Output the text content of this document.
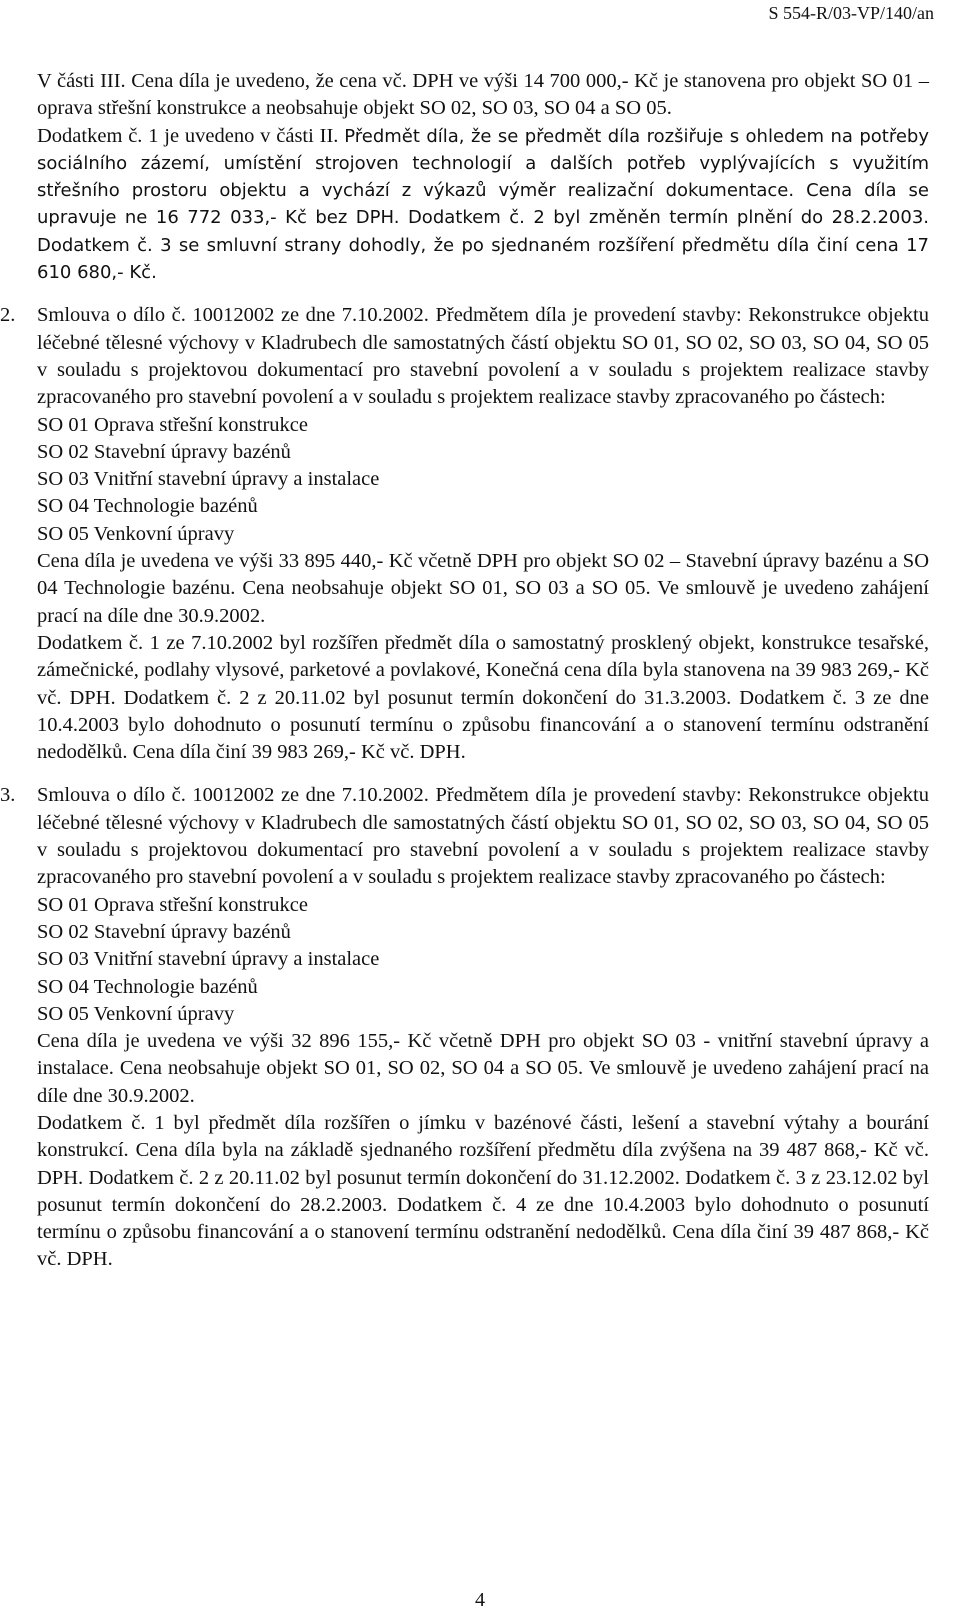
S 554-R/03-VP/140/an

V části III. Cena díla je uvedeno, že cena vč. DPH ve výši 14 700 000,- Kč je stanovena pro objekt SO 01 – oprava střešní konstrukce a neobsahuje objekt SO 02, SO 03, SO 04 a SO 05.

Dodatkem č. 1 je uvedeno v části II. Předmět díla, že se předmět díla rozšiřuje s ohledem na potřeby sociálního zázemí, umístění strojoven technologií a dalších potřeb vyplývajících s využitím střešního prostoru objektu a vychází z výkazů výměr realizační dokumentace. Cena díla se upravuje ne 16 772 033,- Kč bez DPH. Dodatkem č. 2 byl změněn termín plnění do 28.2.2003. Dodatkem č. 3 se smluvní strany dohodly, že po sjednaném rozšíření předmětu díla činí cena 17 610 680,- Kč.

2.	Smlouva o dílo č. 10012002 ze dne 7.10.2002. Předmětem díla je provedení stavby: Rekonstrukce objektu léčebné tělesné výchovy v Kladrubech dle samostatných částí objektu SO 01, SO 02, SO 03, SO 04, SO 05 v souladu s projektovou dokumentací pro stavební povolení a v souladu s projektem realizace stavby zpracovaného pro stavební povolení a v souladu s projektem realizace stavby zpracovaného po částech:

SO 01 Oprava střešní konstrukce
SO 02 Stavební úpravy bazénů
SO 03 Vnitřní stavební úpravy a instalace
SO 04 Technologie bazénů
SO 05 Venkovní úpravy

Cena díla je uvedena ve výši 33 895 440,- Kč včetně DPH pro objekt SO 02 – Stavební úpravy bazénu a SO 04 Technologie bazénu. Cena neobsahuje objekt SO 01, SO 03 a SO 05. Ve smlouvě je uvedeno zahájení prací na díle dne 30.9.2002.

Dodatkem č. 1 ze 7.10.2002 byl rozšířen předmět díla o samostatný prosklený objekt, konstrukce tesařské, zámečnické, podlahy vlysové, parketové a povlakové, Konečná cena díla byla stanovena na 39 983 269,- Kč vč. DPH. Dodatkem č. 2 z 20.11.02 byl posunut termín dokončení do 31.3.2003. Dodatkem č. 3 ze dne 10.4.2003 bylo dohodnuto o posunutí termínu o způsobu financování a o stanovení termínu odstranění nedodělků. Cena díla činí 39 983 269,- Kč vč. DPH.

3.	Smlouva o dílo č. 10012002 ze dne 7.10.2002. Předmětem díla je provedení stavby: Rekonstrukce objektu léčebné tělesné výchovy v Kladrubech dle samostatných částí objektu SO 01, SO 02, SO 03, SO 04, SO 05 v souladu s projektovou dokumentací pro stavební povolení a v souladu s projektem realizace stavby zpracovaného pro stavební povolení a v souladu s projektem realizace stavby zpracovaného po částech:

SO 01 Oprava střešní konstrukce
SO 02 Stavební úpravy bazénů
SO 03 Vnitřní stavební úpravy a instalace
SO 04 Technologie bazénů
SO 05 Venkovní úpravy

Cena díla je uvedena ve výši 32 896 155,- Kč včetně DPH pro objekt SO 03 - vnitřní stavební úpravy a instalace. Cena neobsahuje objekt SO 01, SO 02, SO 04 a SO 05. Ve smlouvě je uvedeno zahájení prací na díle dne 30.9.2002.

Dodatkem č. 1 byl předmět díla rozšířen o jímku v bazénové části, lešení a stavební výtahy a bourání konstrukcí. Cena díla byla na základě sjednaného rozšíření předmětu díla zvýšena na 39 487 868,- Kč vč. DPH. Dodatkem č. 2 z 20.11.02 byl posunut termín dokončení do 31.12.2002. Dodatkem č. 3 z 23.12.02 byl posunut termín dokončení do 28.2.2003. Dodatkem č. 4 ze dne 10.4.2003 bylo dohodnuto o posunutí termínu o způsobu financování a o stanovení termínu odstranění nedodělků. Cena díla činí 39 487 868,- Kč vč. DPH.

4
